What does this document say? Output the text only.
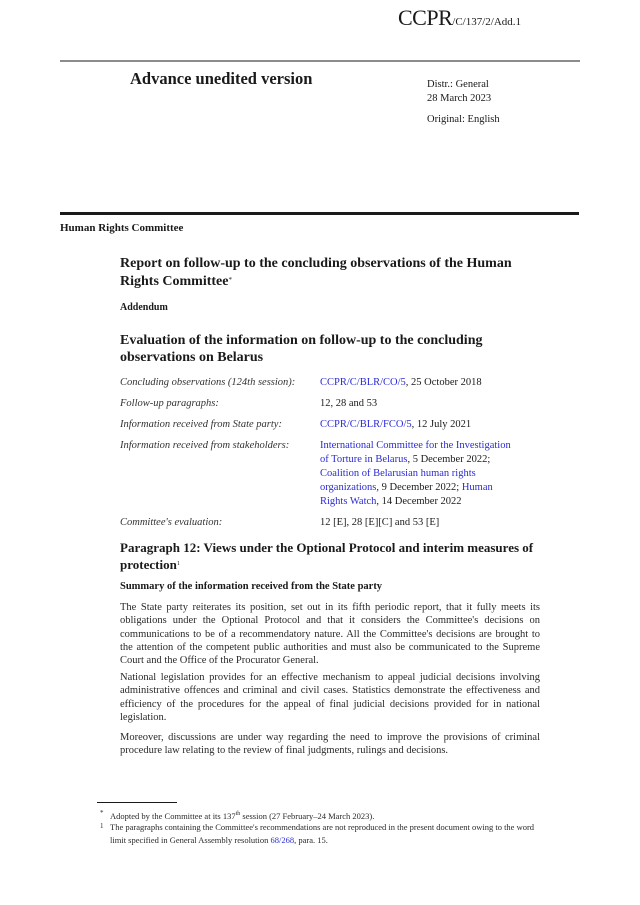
CCPR/C/137/2/Add.1
Advance unedited version	Distr.: General
28 March 2023
Original: English
Human Rights Committee
Report on follow-up to the concluding observations of the Human Rights Committee*
Addendum
Evaluation of the information on follow-up to the concluding observations on Belarus
Concluding observations (124th session):	CCPR/C/BLR/CO/5, 25 October 2018
Follow-up paragraphs:	12, 28 and 53
Information received from State party:	CCPR/C/BLR/FCO/5, 12 July 2021
Information received from stakeholders:	International Committee for the Investigation of Torture in Belarus, 5 December 2022; Coalition of Belarusian human rights organizations, 9 December 2022; Human Rights Watch, 14 December 2022
Committee's evaluation:	12 [E], 28 [E][C] and 53 [E]
Paragraph 12: Views under the Optional Protocol and interim measures of protection$^1$
Summary of the information received from the State party
The State party reiterates its position, set out in its fifth periodic report, that it fully meets its obligations under the Optional Protocol and that it considers the Committee's decisions on communications to be of a recommendatory nature. All the Committee's decisions are brought to the attention of the competent public authorities and must also be communicated to the Supreme Court and the Office of the Procurator General.
National legislation provides for an effective mechanism to appeal judicial decisions involving administrative offences and criminal and civil cases. Statistics demonstrate the effectiveness and efficiency of the procedures for the appeal of final judicial decisions provided for in national legislation.
Moreover, discussions are under way regarding the need to improve the provisions of criminal procedure law relating to the review of final judgments, rulings and decisions.
* Adopted by the Committee at its 137th session (27 February–24 March 2023).
1 The paragraphs containing the Committee's recommendations are not reproduced in the present document owing to the word limit specified in General Assembly resolution 68/268, para. 15.
